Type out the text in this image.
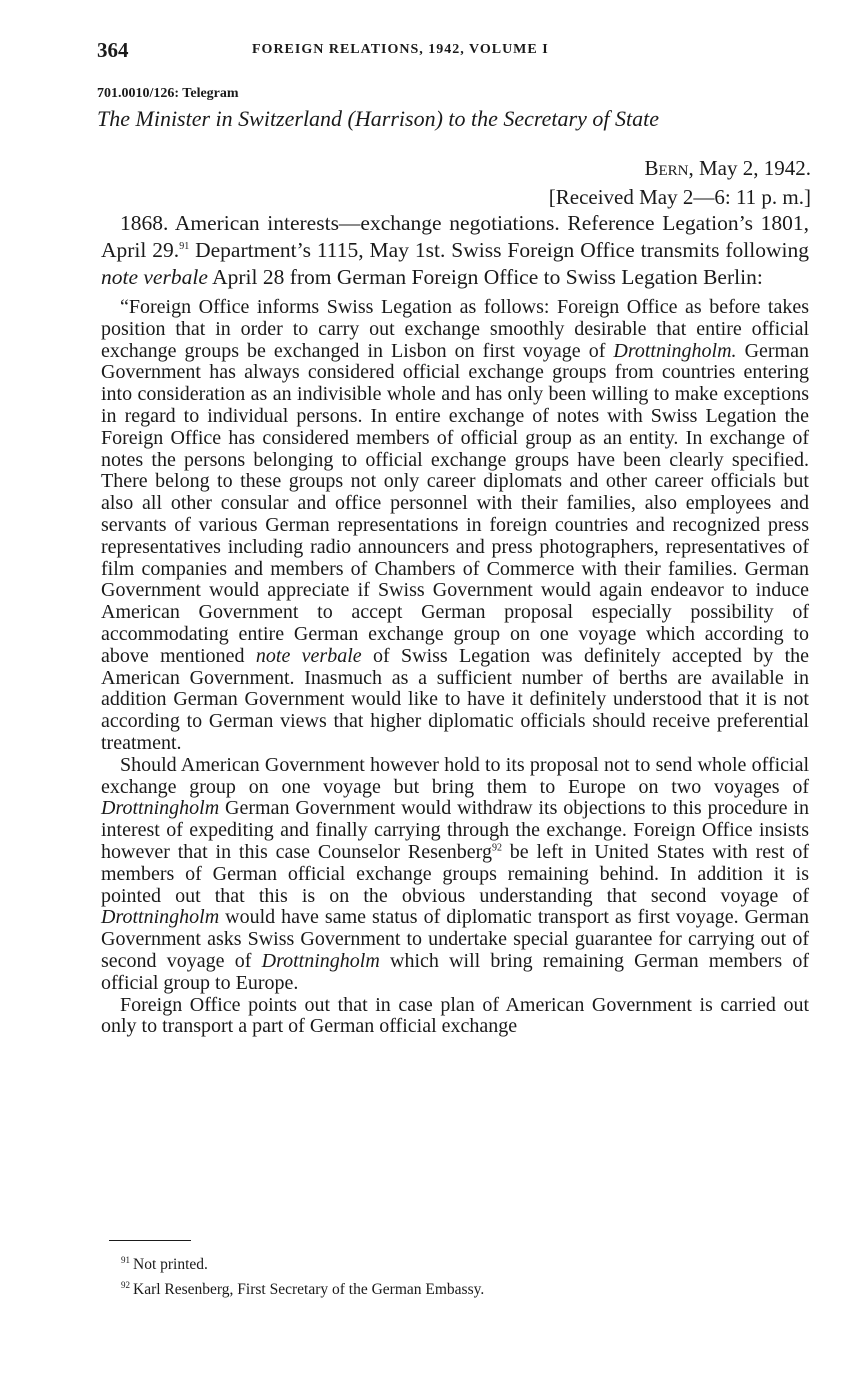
364	FOREIGN RELATIONS, 1942, VOLUME I
701.0010/126: Telegram
The Minister in Switzerland (Harrison) to the Secretary of State
Bern, May 2, 1942.
[Received May 2—6: 11 p. m.]

1868. American interests—exchange negotiations. Reference Legation’s 1801, April 29.91 Department’s 1115, May 1st. Swiss Foreign Office transmits following note verbale April 28 from German Foreign Office to Swiss Legation Berlin:

“Foreign Office informs Swiss Legation as follows: Foreign Office as before takes position that in order to carry out exchange smoothly desirable that entire official exchange groups be exchanged in Lisbon on first voyage of Drottningholm. German Government has always considered official exchange groups from countries entering into consideration as an indivisible whole and has only been willing to make exceptions in regard to individual persons. In entire exchange of notes with Swiss Legation the Foreign Office has considered members of official group as an entity. In exchange of notes the persons belonging to official exchange groups have been clearly specified. There belong to these groups not only career diplomats and other career officials but also all other consular and office personnel with their families, also employees and servants of various German representations in foreign countries and recognized press representatives including radio announcers and press photographers, representatives of film companies and members of Chambers of Commerce with their families. German Government would appreciate if Swiss Government would again endeavor to induce American Government to accept German proposal especially possibility of accommodating entire German exchange group on one voyage which according to above mentioned note verbale of Swiss Legation was definitely accepted by the American Government. Inasmuch as a sufficient number of berths are available in addition German Government would like to have it definitely understood that it is not according to German views that higher diplomatic officials should receive preferential treatment.

Should American Government however hold to its proposal not to send whole official exchange group on one voyage but bring them to Europe on two voyages of Drottningholm German Government would withdraw its objections to this procedure in interest of expediting and finally carrying through the exchange. Foreign Office insists however that in this case Counselor Resenberg$^{92}$ be left in United States with rest of members of German official exchange groups remaining behind. In addition it is pointed out that this is on the obvious understanding that second voyage of Drottningholm would have same status of diplomatic transport as first voyage. German Government asks Swiss Government to undertake special guarantee for carrying out of second voyage of Drottningholm which will bring remaining German members of official group to Europe.

Foreign Office points out that in case plan of American Government is carried out only to transport a part of German official exchange

$^{91}$ Not printed.
$^{92}$ Karl Resenberg, First Secretary of the German Embassy.
